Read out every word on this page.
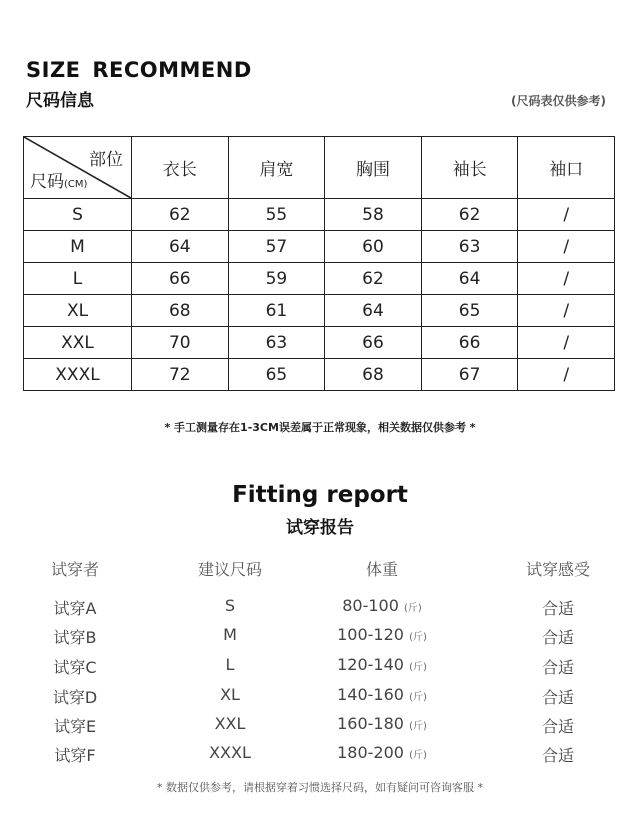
SIZE RECOMMEND
尺码信息	(尺码表仅供参考)
部位
尺码(CM)	衣长	肩宽	胸围	袖长	袖口
S	62	55	58	62	/
M	64	57	60	63	/
L	66	59	62	64	/
XL	68	61	64	65	/
XXL	70	63	66	66	/
XXXL	72	65	68	67	/
* 手工测量存在1-3CM误差属于正常现象，相关数据仅供参考 *
Fitting report
试穿报告
试穿者	建议尺码	体重	试穿感受
试穿A	S	80-100 (斤)	合适
试穿B	M	100-120 (斤)	合适
试穿C	L	120-140 (斤)	合适
试穿D	XL	140-160 (斤)	合适
试穿E	XXL	160-180 (斤)	合适
试穿F	XXXL	180-200 (斤)	合适
* 数据仅供参考，请根据穿着习惯选择尺码，如有疑问可咨询客服 *
